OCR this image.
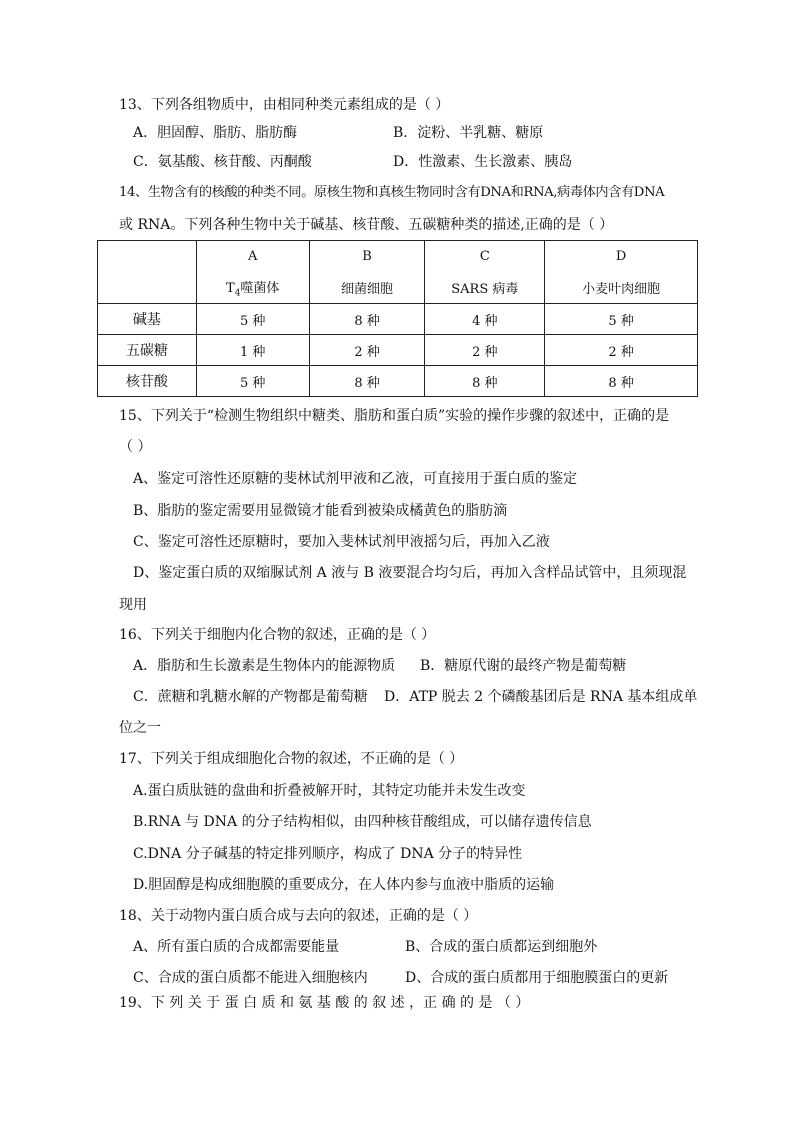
13、下列各组物质中，由相同种类元素组成的是（ ）
A．胆固醇、脂肪、脂肪酶	B．淀粉、半乳糖、糖原
C．氨基酸、核苷酸、丙酮酸	D．性激素、生长激素、胰岛
14、生物含有的核酸的种类不同。原核生物和真核生物同时含有DNA和RNA,病毒体内含有DNA
或 RNA。下列各种生物中关于碱基、核苷酸、五碳糖种类的描述,正确的是（ ）
	A	B	C	D
	$T_4$噬菌体	细菌细胞	SARS 病毒	小麦叶肉细胞
碱基	5 种	8 种	4 种	5 种
五碳糖	1 种	2 种	2 种	2 种
核苷酸	5 种	8 种	8 种	8 种
15、下列关于“检测生物组织中糖类、脂肪和蛋白质”实验的操作步骤的叙述中，正确的是
（ ）
A、鉴定可溶性还原糖的斐林试剂甲液和乙液，可直接用于蛋白质的鉴定
B、脂肪的鉴定需要用显微镜才能看到被染成橘黄色的脂肪滴
C、鉴定可溶性还原糖时，要加入斐林试剂甲液摇匀后，再加入乙液
D、鉴定蛋白质的双缩脲试剂 A 液与 B 液要混合均匀后，再加入含样品试管中，且须现混
现用
16、下列关于细胞内化合物的叙述，正确的是（ ）
A．脂肪和生长激素是生物体内的能源物质 B．糖原代谢的最终产物是葡萄糖
C．蔗糖和乳糖水解的产物都是葡萄糖 D．ATP 脱去 2 个磷酸基团后是 RNA 基本组成单
位之一
17、下列关于组成细胞化合物的叙述，不正确的是（ ）
A.蛋白质肽链的盘曲和折叠被解开时，其特定功能并未发生改变
B.RNA 与 DNA 的分子结构相似，由四种核苷酸组成，可以储存遗传信息
C.DNA 分子碱基的特定排列顺序，构成了 DNA 分子的特异性
D.胆固醇是构成细胞膜的重要成分，在人体内参与血液中脂质的运输
18、关于动物内蛋白质合成与去向的叙述，正确的是（ ）
A、所有蛋白质的合成都需要能量	B、合成的蛋白质都运到细胞外
C、合成的蛋白质都不能进入细胞核内	D、合成的蛋白质都用于细胞膜蛋白的更新
19、下 列 关 于 蛋 白 质 和 氨 基 酸 的 叙 述 ，正 确 的 是 （ ）
